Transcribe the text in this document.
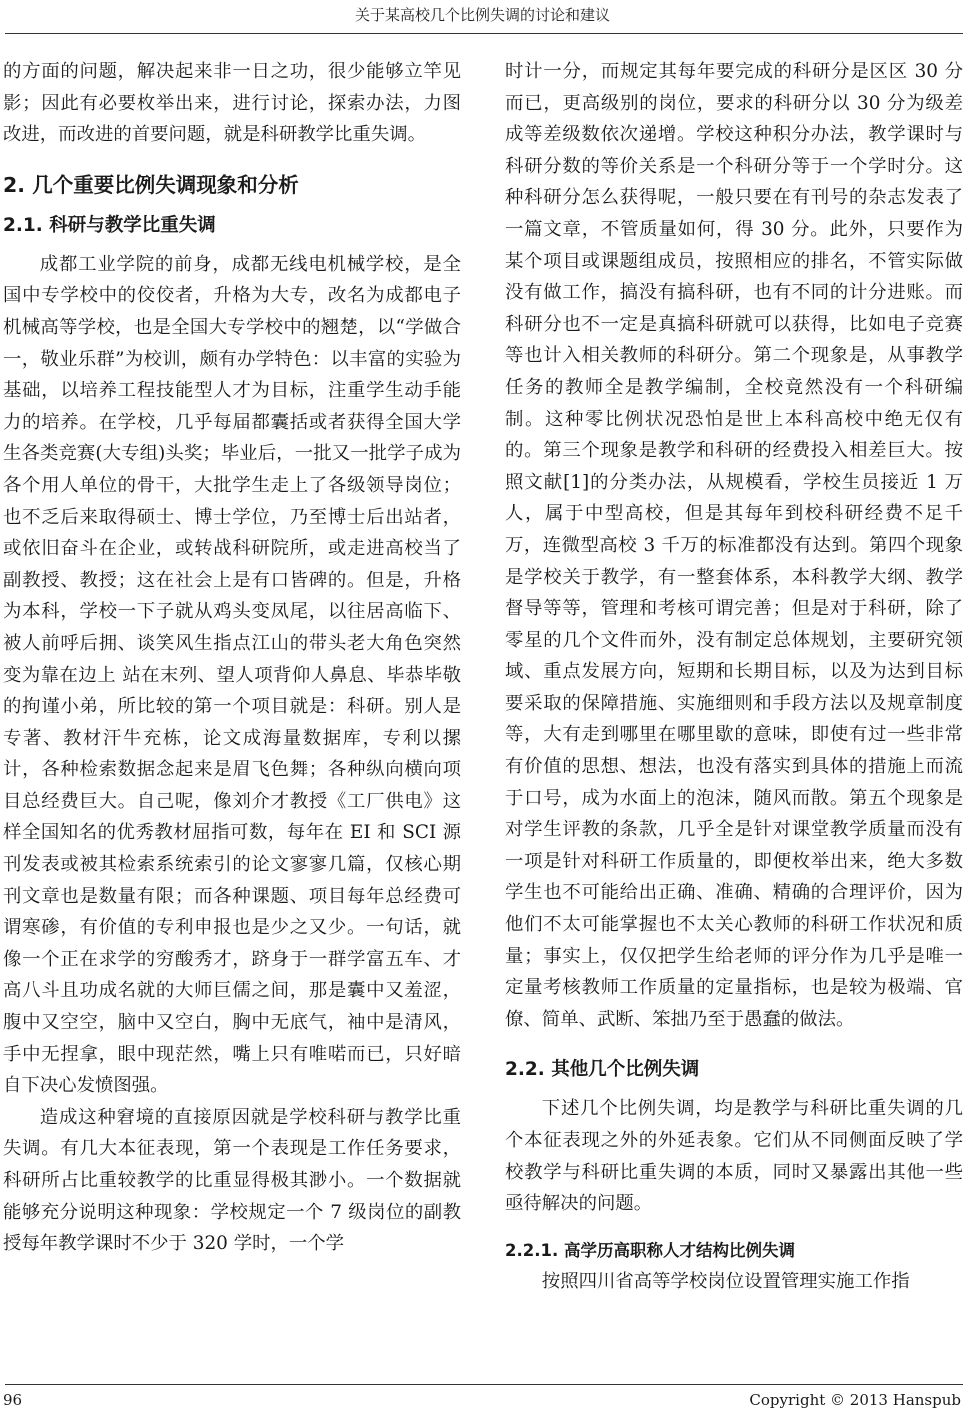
关于某高校几个比例失调的讨论和建议

的方面的问题，解决起来非一日之功，很少能够立竿见影；因此有必要枚举出来，进行讨论，探索办法，力图改进，而改进的首要问题，就是科研教学比重失调。

2. 几个重要比例失调现象和分析
2.1. 科研与教学比重失调

成都工业学院的前身，成都无线电机械学校，是全国中专学校中的佼佼者，升格为大专，改名为成都电子机械高等学校，也是全国大专学校中的翘楚，以“学做合一，敬业乐群”为校训，颇有办学特色：以丰富的实验为基础，以培养工程技能型人才为目标，注重学生动手能力的培养。在学校，几乎每届都囊括或者获得全国大学生各类竞赛(大专组)头奖；毕业后，一批又一批学子成为各个用人单位的骨干，大批学生走上了各级领导岗位；也不乏后来取得硕士、博士学位，乃至博士后出站者，或依旧奋斗在企业，或转战科研院所，或走进高校当了副教授、教授；这在社会上是有口皆碑的。但是，升格为本科，学校一下子就从鸡头变凤尾，以往居高临下、被人前呼后拥、谈笑风生指点江山的带头老大角色突然变为靠在边上 站在末列、望人项背仰人鼻息、毕恭毕敬的拘谨小弟，所比较的第一个项目就是：科研。别人是专著、教材汗牛充栋，论文成海量数据库，专利以摞计，各种检索数据念起来是眉飞色舞；各种纵向横向项目总经费巨大。自己呢，像刘介才教授《工厂供电》这样全国知名的优秀教材屈指可数，每年在 EI 和 SCI 源刊发表或被其检索系统索引的论文寥寥几篇，仅核心期刊文章也是数量有限；而各种课题、项目每年总经费可谓寒碜，有价值的专利申报也是少之又少。一句话，就像一个正在求学的穷酸秀才，跻身于一群学富五车、才高八斗且功成名就的大师巨儒之间，那是囊中又羞涩，腹中又空空，脑中又空白，胸中无底气，袖中是清风，手中无捏拿，眼中现茫然，嘴上只有唯喏而已，只好暗自下决心发愤图强。

造成这种窘境的直接原因就是学校科研与教学比重失调。有几大本征表现，第一个表现是工作任务要求，科研所占比重较教学的比重显得极其渺小。一个数据就能够充分说明这种现象：学校规定一个 7 级岗位的副教授每年教学课时不少于 320 学时，一个学

时计一分，而规定其每年要完成的科研分是区区 30 分而已，更高级别的岗位，要求的科研分以 30 分为级差成等差级数依次递增。学校这种积分办法，教学课时与科研分数的等价关系是一个科研分等于一个学时分。这种科研分怎么获得呢，一般只要在有刊号的杂志发表了一篇文章，不管质量如何，得 30 分。此外，只要作为某个项目或课题组成员，按照相应的排名，不管实际做没有做工作，搞没有搞科研，也有不同的计分进账。而科研分也不一定是真搞科研就可以获得，比如电子竞赛等也计入相关教师的科研分。第二个现象是，从事教学任务的教师全是教学编制，全校竟然没有一个科研编制。这种零比例状况恐怕是世上本科高校中绝无仅有的。第三个现象是教学和科研的经费投入相差巨大。按照文献[1]的分类办法，从规模看，学校生员接近 1 万人，属于中型高校，但是其每年到校科研经费不足千万，连微型高校 3 千万的标准都没有达到。第四个现象是学校关于教学，有一整套体系，本科教学大纲、教学督导等等，管理和考核可谓完善；但是对于科研，除了零星的几个文件而外，没有制定总体规划，主要研究领域、重点发展方向，短期和长期目标，以及为达到目标要采取的保障措施、实施细则和手段方法以及规章制度等，大有走到哪里在哪里歇的意味，即使有过一些非常有价值的思想、想法，也没有落实到具体的措施上而流于口号，成为水面上的泡沫，随风而散。第五个现象是对学生评教的条款，几乎全是针对课堂教学质量而没有一项是针对科研工作质量的，即便枚举出来，绝大多数学生也不可能给出正确、准确、精确的合理评价，因为他们不太可能掌握也不太关心教师的科研工作状况和质量；事实上，仅仅把学生给老师的评分作为几乎是唯一定量考核教师工作质量的定量指标，也是较为极端、官僚、简单、武断、笨拙乃至于愚蠢的做法。

2.2. 其他几个比例失调

下述几个比例失调，均是教学与科研比重失调的几个本征表现之外的外延表象。它们从不同侧面反映了学校教学与科研比重失调的本质，同时又暴露出其他一些亟待解决的问题。

2.2.1. 高学历高职称人才结构比例失调

按照四川省高等学校岗位设置管理实施工作指

96	Copyright © 2013 Hanspub
